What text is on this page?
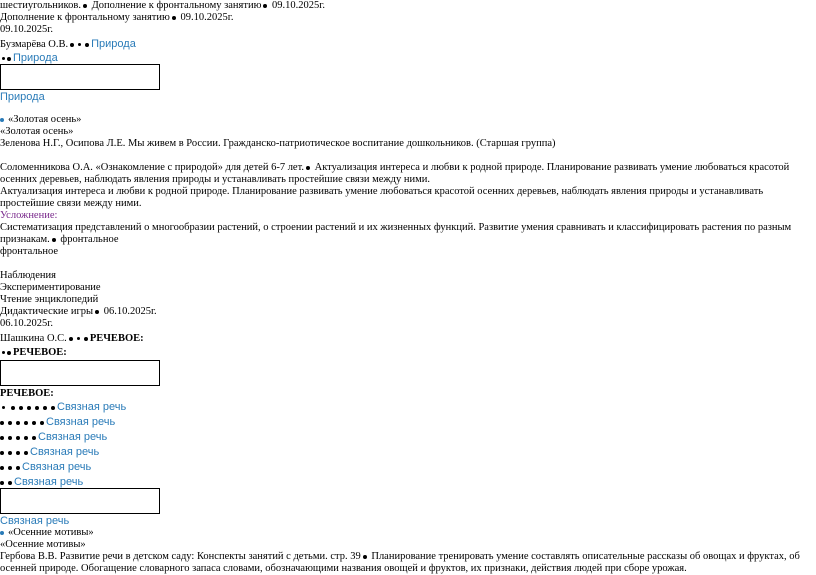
шестиугольников. Дополнение к фронтальному занятию 09.10.2025г.
Дополнение к фронтальному занятию 09.10.2025г.
09.10.2025г.
Бузмарёва О.В. Природа
Природа
Природа
«Золотая осень»
«Золотая осень»
Зеленова Н.Г., Осипова Л.Е. Мы живем в России. Гражданско-патриотическое воспитание дошкольников. (Старшая группа)
Соломенникова О.А. «Ознакомление с природой» для детей 6-7 лет. Актуализация интереса и любви к родной природе. Планирование развивать умение любоваться красотой
осенних деревьев, наблюдать явления природы и устанавливать простейшие связи между ними.
Актуализация интереса и любви к родной природе. Планирование развивать умение любоваться красотой осенних деревьев, наблюдать явления природы и устанавливать
простейшие связи между ними.
Усложнение:
Систематизация представлений о многообразии растений, о строении растений и их жизненных функций. Развитие умения сравнивать и классифицировать растения по разным
признакам. фронтальное
фронтальное
Наблюдения
Экспериментирование
Чтение энциклопедий
Дидактические игры 06.10.2025г.
06.10.2025г.
Шашкина О.С. РЕЧЕВОЕ:
РЕЧЕВОЕ:
РЕЧЕВОЕ:
Связная речь
Связная речь
Связная речь
Связная речь
Связная речь
Связная речь
Связная речь
«Осенние мотивы»
«Осенние мотивы»
Гербова В.В. Развитие речи в детском саду: Конспекты занятий с детьми. стр. 39 Планирование тренировать умение составлять описательные рассказы об овощах и фруктах, об
осенней природе. Обогащение словарного запаса словами, обозначающими названия овощей и фруктов, их признаки, действия людей при сборе урожая.
